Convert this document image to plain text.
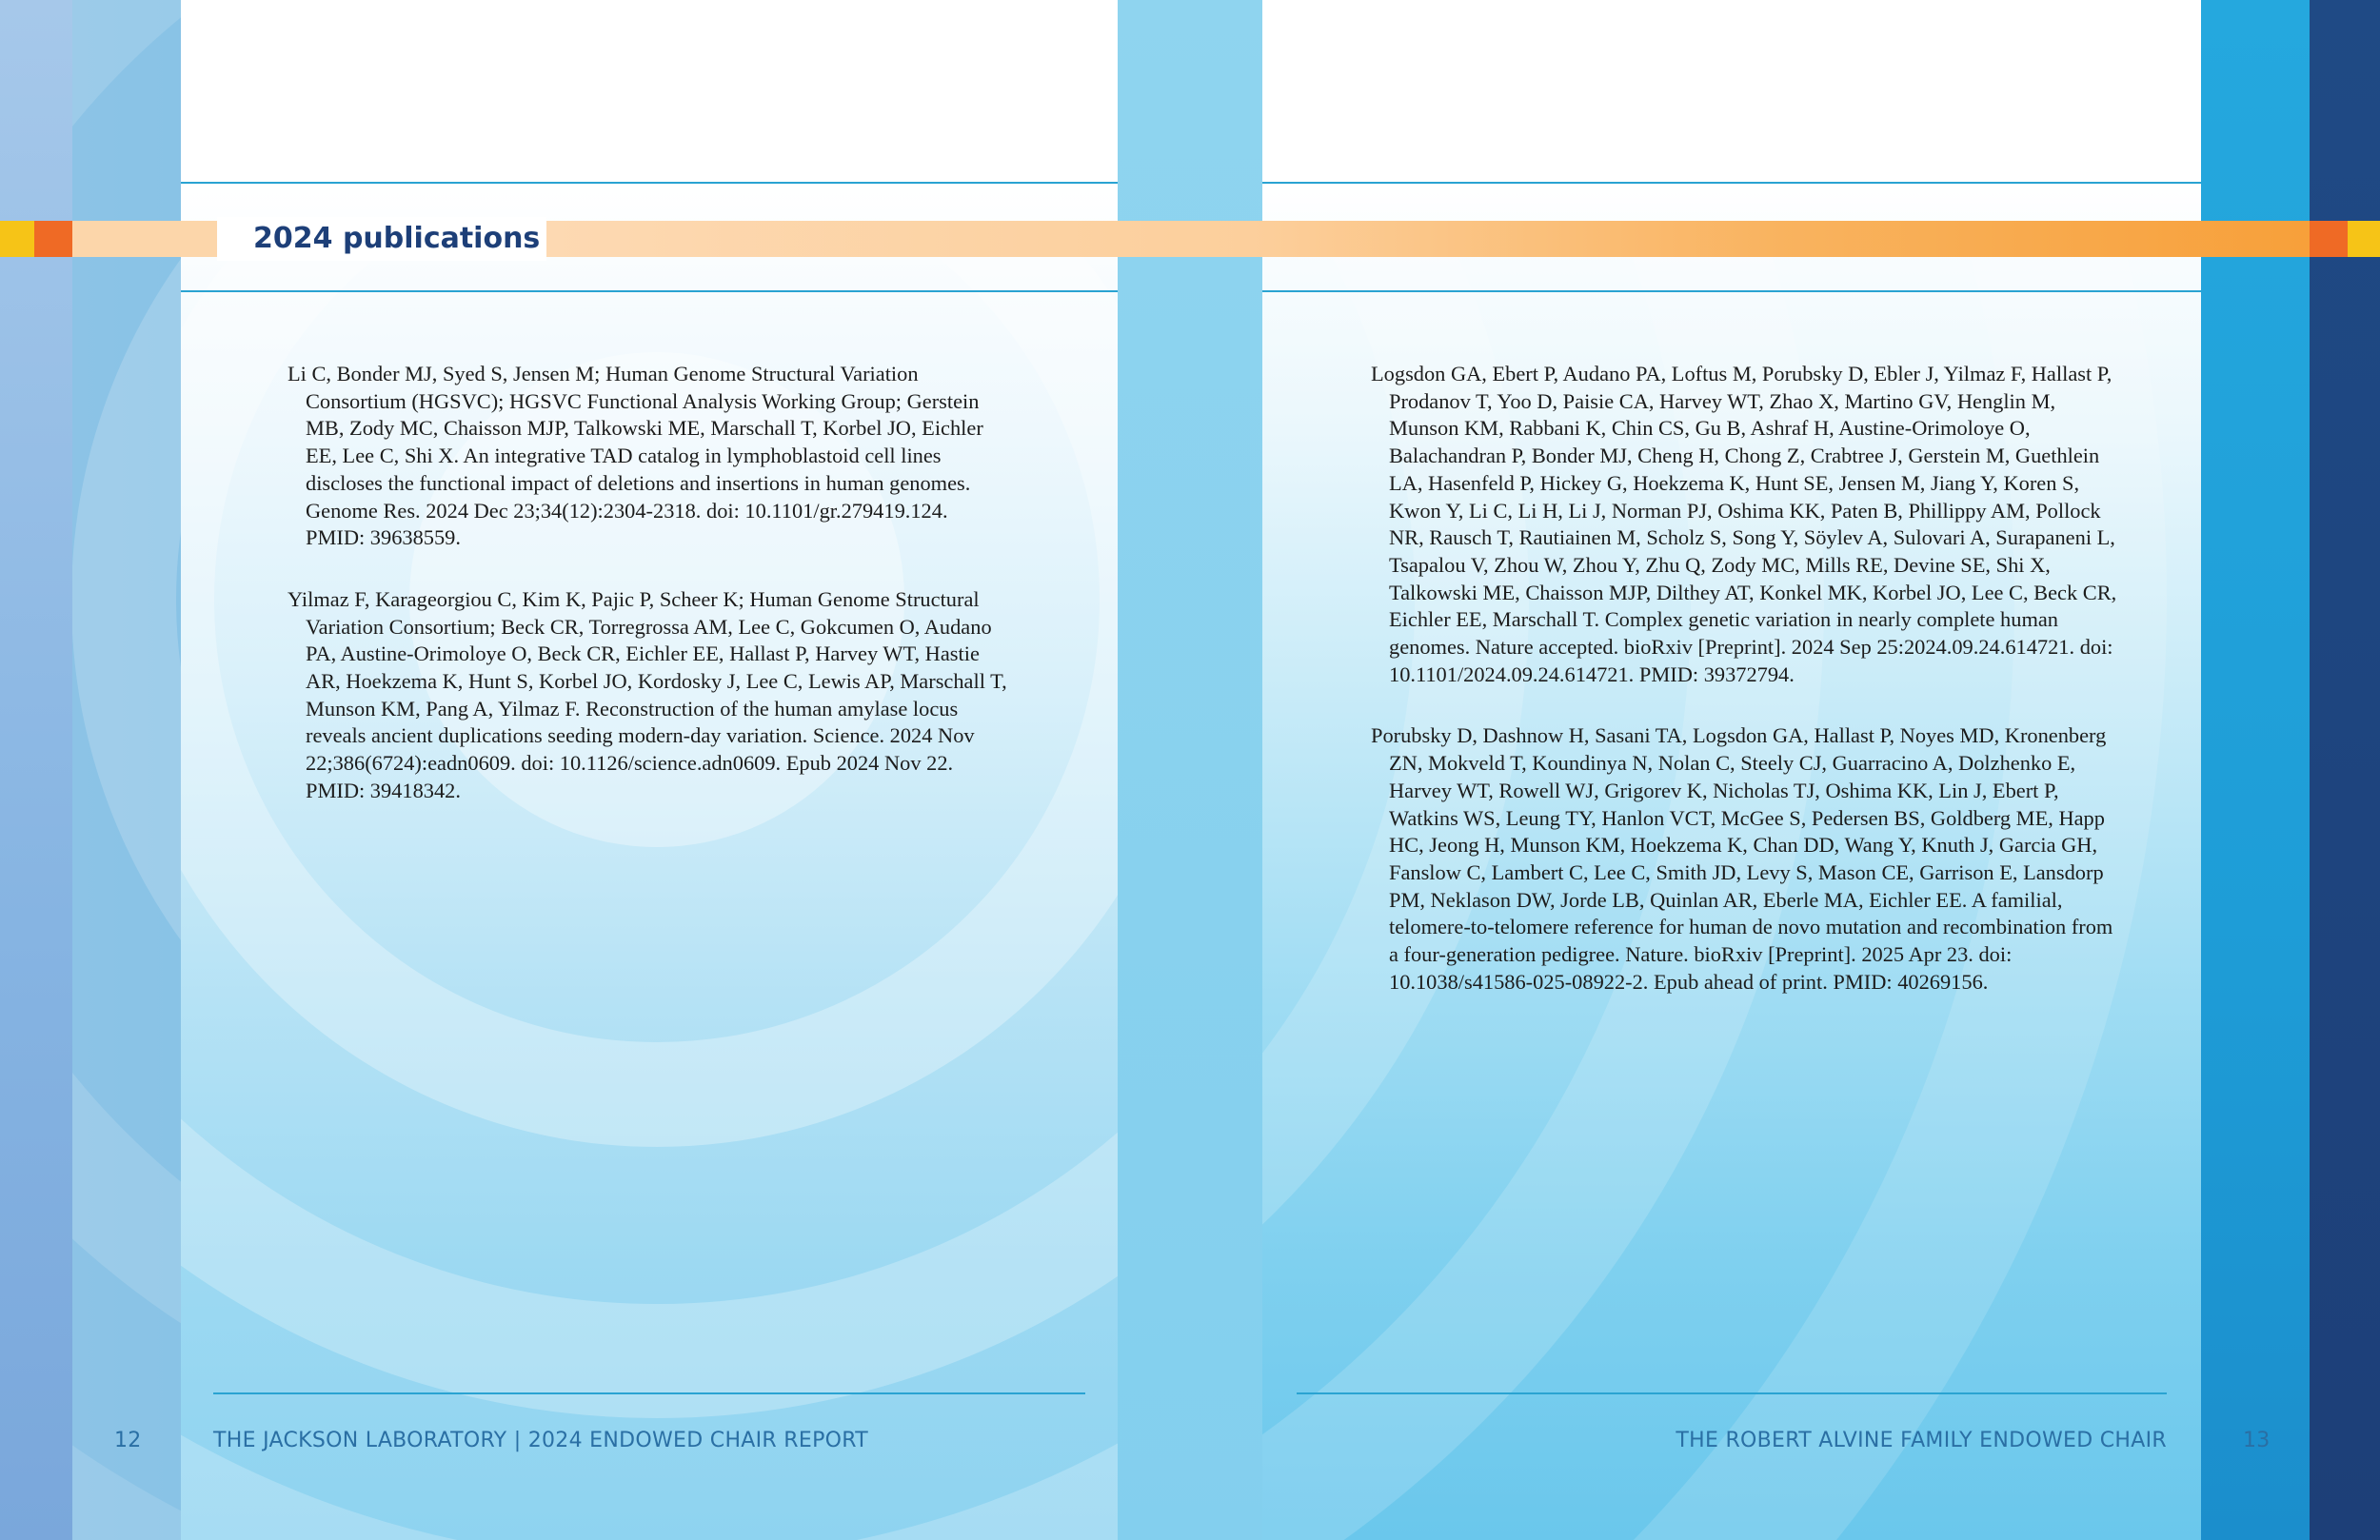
2024 publications
Li C, Bonder MJ, Syed S, Jensen M; Human Genome Structural Variation Consortium (HGSVC); HGSVC Functional Analysis Working Group; Gerstein MB, Zody MC, Chaisson MJP, Talkowski ME, Marschall T, Korbel JO, Eichler EE, Lee C, Shi X. An integrative TAD catalog in lymphoblastoid cell lines discloses the functional impact of deletions and insertions in human genomes. Genome Res. 2024 Dec 23;34(12):2304-2318. doi: 10.1101/gr.279419.124. PMID: 39638559.
Yilmaz F, Karageorgiou C, Kim K, Pajic P, Scheer K; Human Genome Structural Variation Consortium; Beck CR, Torregrossa AM, Lee C, Gokcumen O, Audano PA, Austine-Orimoloye O, Beck CR, Eichler EE, Hallast P, Harvey WT, Hastie AR, Hoekzema K, Hunt S, Korbel JO, Kordosky J, Lee C, Lewis AP, Marschall T, Munson KM, Pang A, Yilmaz F. Reconstruction of the human amylase locus reveals ancient duplications seeding modern-day variation. Science. 2024 Nov 22;386(6724):eadn0609. doi: 10.1126/science.adn0609. Epub 2024 Nov 22. PMID: 39418342.
Logsdon GA, Ebert P, Audano PA, Loftus M, Porubsky D, Ebler J, Yilmaz F, Hallast P, Prodanov T, Yoo D, Paisie CA, Harvey WT, Zhao X, Martino GV, Henglin M, Munson KM, Rabbani K, Chin CS, Gu B, Ashraf H, Austine-Orimoloye O, Balachandran P, Bonder MJ, Cheng H, Chong Z, Crabtree J, Gerstein M, Guethlein LA, Hasenfeld P, Hickey G, Hoekzema K, Hunt SE, Jensen M, Jiang Y, Koren S, Kwon Y, Li C, Li H, Li J, Norman PJ, Oshima KK, Paten B, Phillippy AM, Pollock NR, Rausch T, Rautiainen M, Scholz S, Song Y, Söylev A, Sulovari A, Surapaneni L, Tsapalou V, Zhou W, Zhou Y, Zhu Q, Zody MC, Mills RE, Devine SE, Shi X, Talkowski ME, Chaisson MJP, Dilthey AT, Konkel MK, Korbel JO, Lee C, Beck CR, Eichler EE, Marschall T. Complex genetic variation in nearly complete human genomes. Nature accepted. bioRxiv [Preprint]. 2024 Sep 25:2024.09.24.614721. doi: 10.1101/2024.09.24.614721. PMID: 39372794.
Porubsky D, Dashnow H, Sasani TA, Logsdon GA, Hallast P, Noyes MD, Kronenberg ZN, Mokveld T, Koundinya N, Nolan C, Steely CJ, Guarracino A, Dolzhenko E, Harvey WT, Rowell WJ, Grigorev K, Nicholas TJ, Oshima KK, Lin J, Ebert P, Watkins WS, Leung TY, Hanlon VCT, McGee S, Pedersen BS, Goldberg ME, Happ HC, Jeong H, Munson KM, Hoekzema K, Chan DD, Wang Y, Knuth J, Garcia GH, Fanslow C, Lambert C, Lee C, Smith JD, Levy S, Mason CE, Garrison E, Lansdorp PM, Neklason DW, Jorde LB, Quinlan AR, Eberle MA, Eichler EE. A familial, telomere-to-telomere reference for human de novo mutation and recombination from a four-generation pedigree. Nature. bioRxiv [Preprint]. 2025 Apr 23. doi: 10.1038/s41586-025-08922-2. Epub ahead of print. PMID: 40269156.

12	THE JACKSON LABORATORY | 2024 ENDOWED CHAIR REPORT	THE ROBERT ALVINE FAMILY ENDOWED CHAIR	13
